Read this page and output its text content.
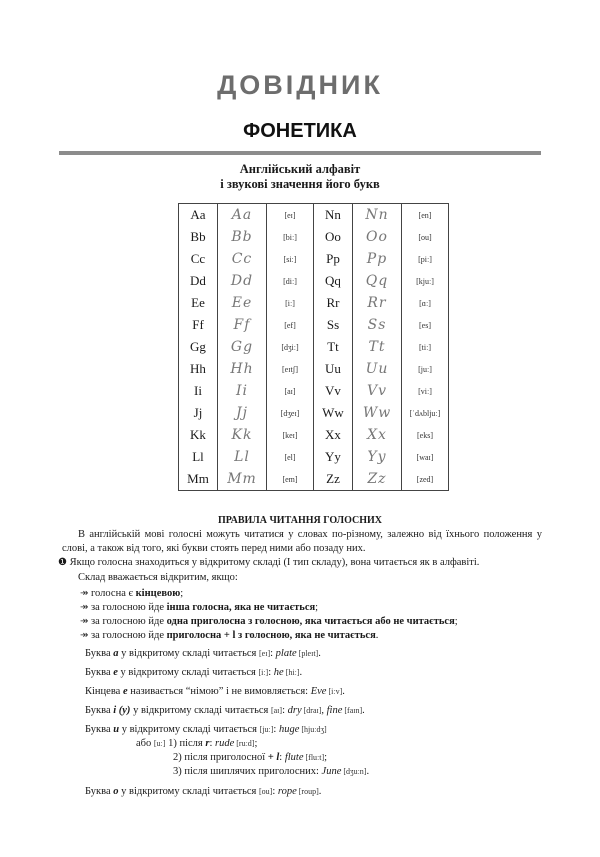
ДОВІДНИК
ФОНЕТИКА
Англійський алфавіт
і звукові значення його букв
Aa
Bb
Cc
Dd
Ee
Ff
Gg
Hh
Ii
Jj
Kk
Ll
Mm
Aa
Bb
Cc
Dd
Ee
Ff
Gg
Hh
Ii
Jj
Kk
Ll
Mm
[eɪ]
[biː]
[siː]
[diː]
[iː]
[ef]
[dʒiː]
[eɪtʃ]
[aɪ]
[dʒeɪ]
[keɪ]
[el]
[em]
Nn
Oo
Pp
Qq
Rr
Ss
Tt
Uu
Vv
Ww
Xx
Yy
Zz
Nn
Oo
Pp
Qq
Rr
Ss
Tt
Uu
Vv
Ww
Xx
Yy
Zz
[en]
[ou]
[piː]
[kjuː]
[ɑː]
[es]
[tiː]
[juː]
[viː]
[ˈdʌbljuː]
[eks]
[waɪ]
[zed]
ПРАВИЛА ЧИТАННЯ ГОЛОСНИХ
В англійській мові голосні можуть читатися у словах по-різному, залежно від їхнього положення у слові, а також від того, які букви стоять перед ними або позаду них.
❶ Якщо голосна знаходиться у відкритому складі (I тип складу), вона читається як в алфавіті.
Склад вважається відкритим, якщо:
↠ голосна є кінцевою;
↠ за голосною йде інша голосна, яка не читається;
↠ за голосною йде одна приголосна з голосною, яка читається або не читається;
↠ за голосною йде приголосна + l з голосною, яка не читається.
Буква a у відкритому складі читається [eɪ]: plate [pleɪt].
Буква e у відкритому складі читається [iː]: he [hiː].
Кінцева e називається “німою” і не вимовляється: Eve [iːv].
Буква i (y) у відкритому складі читається [aɪ]: dry [draɪ], fine [faɪn].
Буква u у відкритому складі читається [juː]: huge [hjuːdʒ]
або [uː] 1) після r: rude [ruːd];
2) після приголосної + l: flute [fluːt];
3) після шиплячих приголосних: June [dʒuːn].
Буква o у відкритому складі читається [ou]: rope [roup].
